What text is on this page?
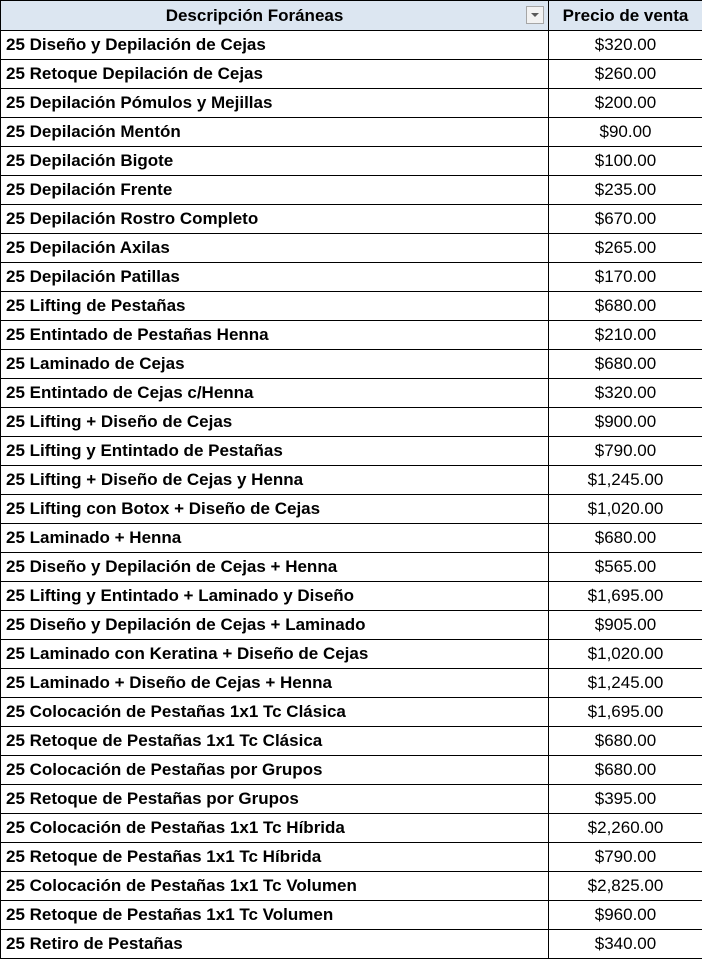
Descripción Foráneas	Precio de venta
25 Diseño y Depilación de Cejas	$320.00
25 Retoque Depilación de Cejas	$260.00
25 Depilación Pómulos y Mejillas	$200.00
25 Depilación Mentón	$90.00
25 Depilación Bigote	$100.00
25 Depilación Frente	$235.00
25 Depilación Rostro Completo	$670.00
25 Depilación Axilas	$265.00
25 Depilación Patillas	$170.00
25 Lifting de Pestañas	$680.00
25 Entintado de Pestañas Henna	$210.00
25 Laminado de Cejas	$680.00
25 Entintado de Cejas c/Henna	$320.00
25 Lifting + Diseño de Cejas	$900.00
25 Lifting y Entintado de Pestañas	$790.00
25 Lifting + Diseño de Cejas y Henna	$1,245.00
25 Lifting con Botox + Diseño de Cejas	$1,020.00
25 Laminado + Henna	$680.00
25 Diseño y Depilación de Cejas + Henna	$565.00
25 Lifting y Entintado + Laminado y Diseño	$1,695.00
25 Diseño y Depilación de Cejas + Laminado	$905.00
25 Laminado con Keratina + Diseño de Cejas	$1,020.00
25 Laminado + Diseño de Cejas + Henna	$1,245.00
25 Colocación de Pestañas 1x1 Tc Clásica	$1,695.00
25 Retoque de Pestañas 1x1 Tc Clásica	$680.00
25 Colocación de Pestañas por Grupos	$680.00
25 Retoque de Pestañas por Grupos	$395.00
25 Colocación de Pestañas 1x1 Tc Híbrida	$2,260.00
25 Retoque de Pestañas 1x1 Tc Híbrida	$790.00
25 Colocación de Pestañas 1x1 Tc Volumen	$2,825.00
25 Retoque de Pestañas 1x1 Tc Volumen	$960.00
25 Retiro de Pestañas	$340.00
